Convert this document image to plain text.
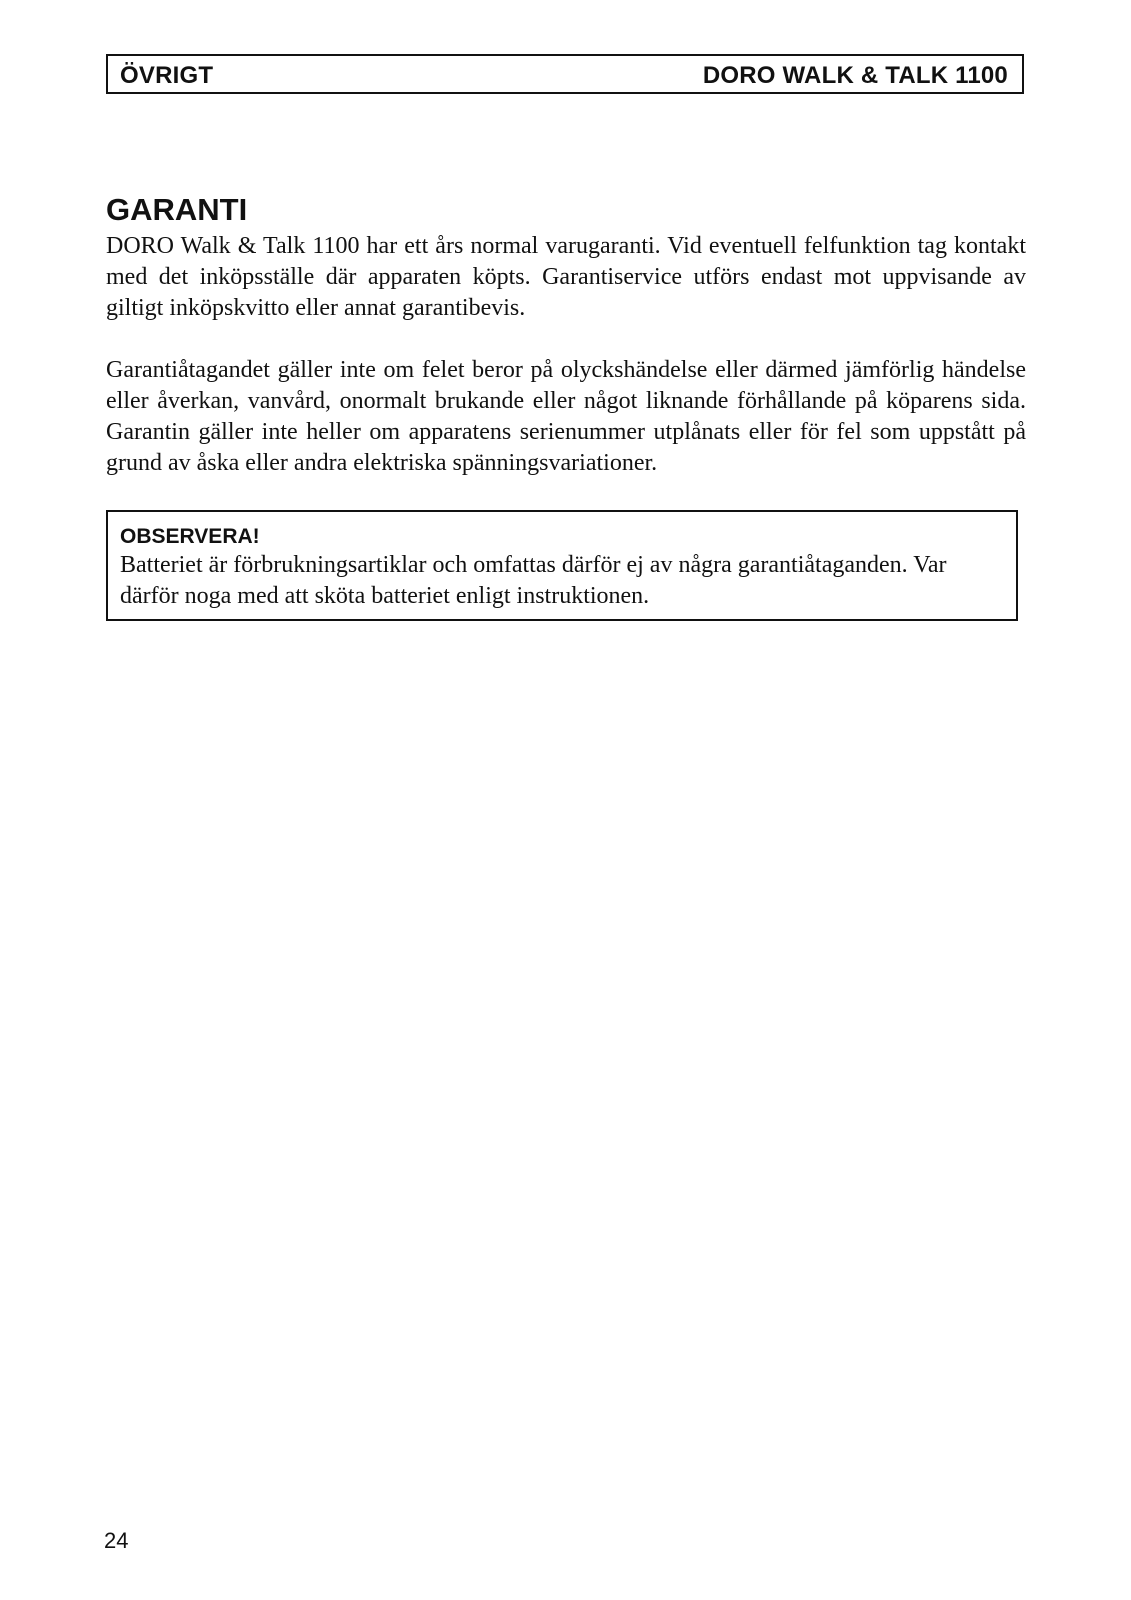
ÖVRIGT	DORO WALK & TALK 1100
GARANTI

DORO Walk & Talk 1100 har ett års normal varugaranti. Vid eventuell felfunktion tag kontakt med det inköpsställe där apparaten köpts. Garantiservice utförs endast mot uppvisande av giltigt inköpskvitto eller annat garantibevis.

Garantiåtagandet gäller inte om felet beror på olyckshändelse eller därmed jämförlig händelse eller åverkan, vanvård, onormalt brukande eller något liknande förhållande på köparens sida. Garantin gäller inte heller om apparatens serienummer utplånats eller för fel som uppstått på grund av åska eller andra elektriska spänningsvariationer.

OBSERVERA!

Batteriet är förbrukningsartiklar och omfattas därför ej av några garantiåtaganden. Var därför noga med att sköta batteriet enligt instruktionen.

24
